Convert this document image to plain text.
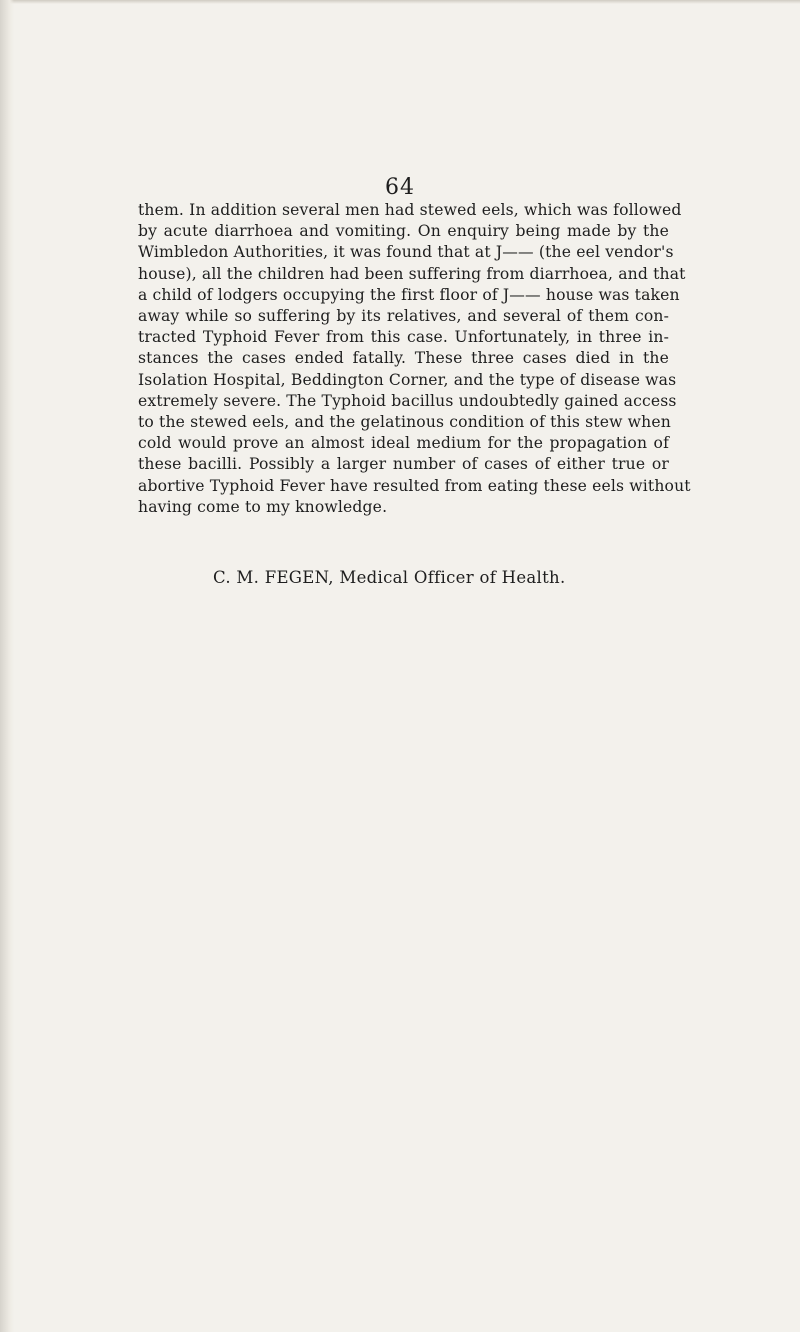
64
them. In addition several men had stewed eels, which was followed
by acute diarrhoea and vomiting. On enquiry being made by the
Wimbledon Authorities, it was found that at J—— (the eel vendor's
house), all the children had been suffering from diarrhoea, and that
a child of lodgers occupying the first floor of J—— house was taken
away while so suffering by its relatives, and several of them con-
tracted Typhoid Fever from this case. Unfortunately, in three in-
stances the cases ended fatally. These three cases died in the
Isolation Hospital, Beddington Corner, and the type of disease was
extremely severe. The Typhoid bacillus undoubtedly gained access
to the stewed eels, and the gelatinous condition of this stew when
cold would prove an almost ideal medium for the propagation of
these bacilli. Possibly a larger number of cases of either true or
abortive Typhoid Fever have resulted from eating these eels without
having come to my knowledge.
C. M. FEGEN, Medical Officer of Health.
